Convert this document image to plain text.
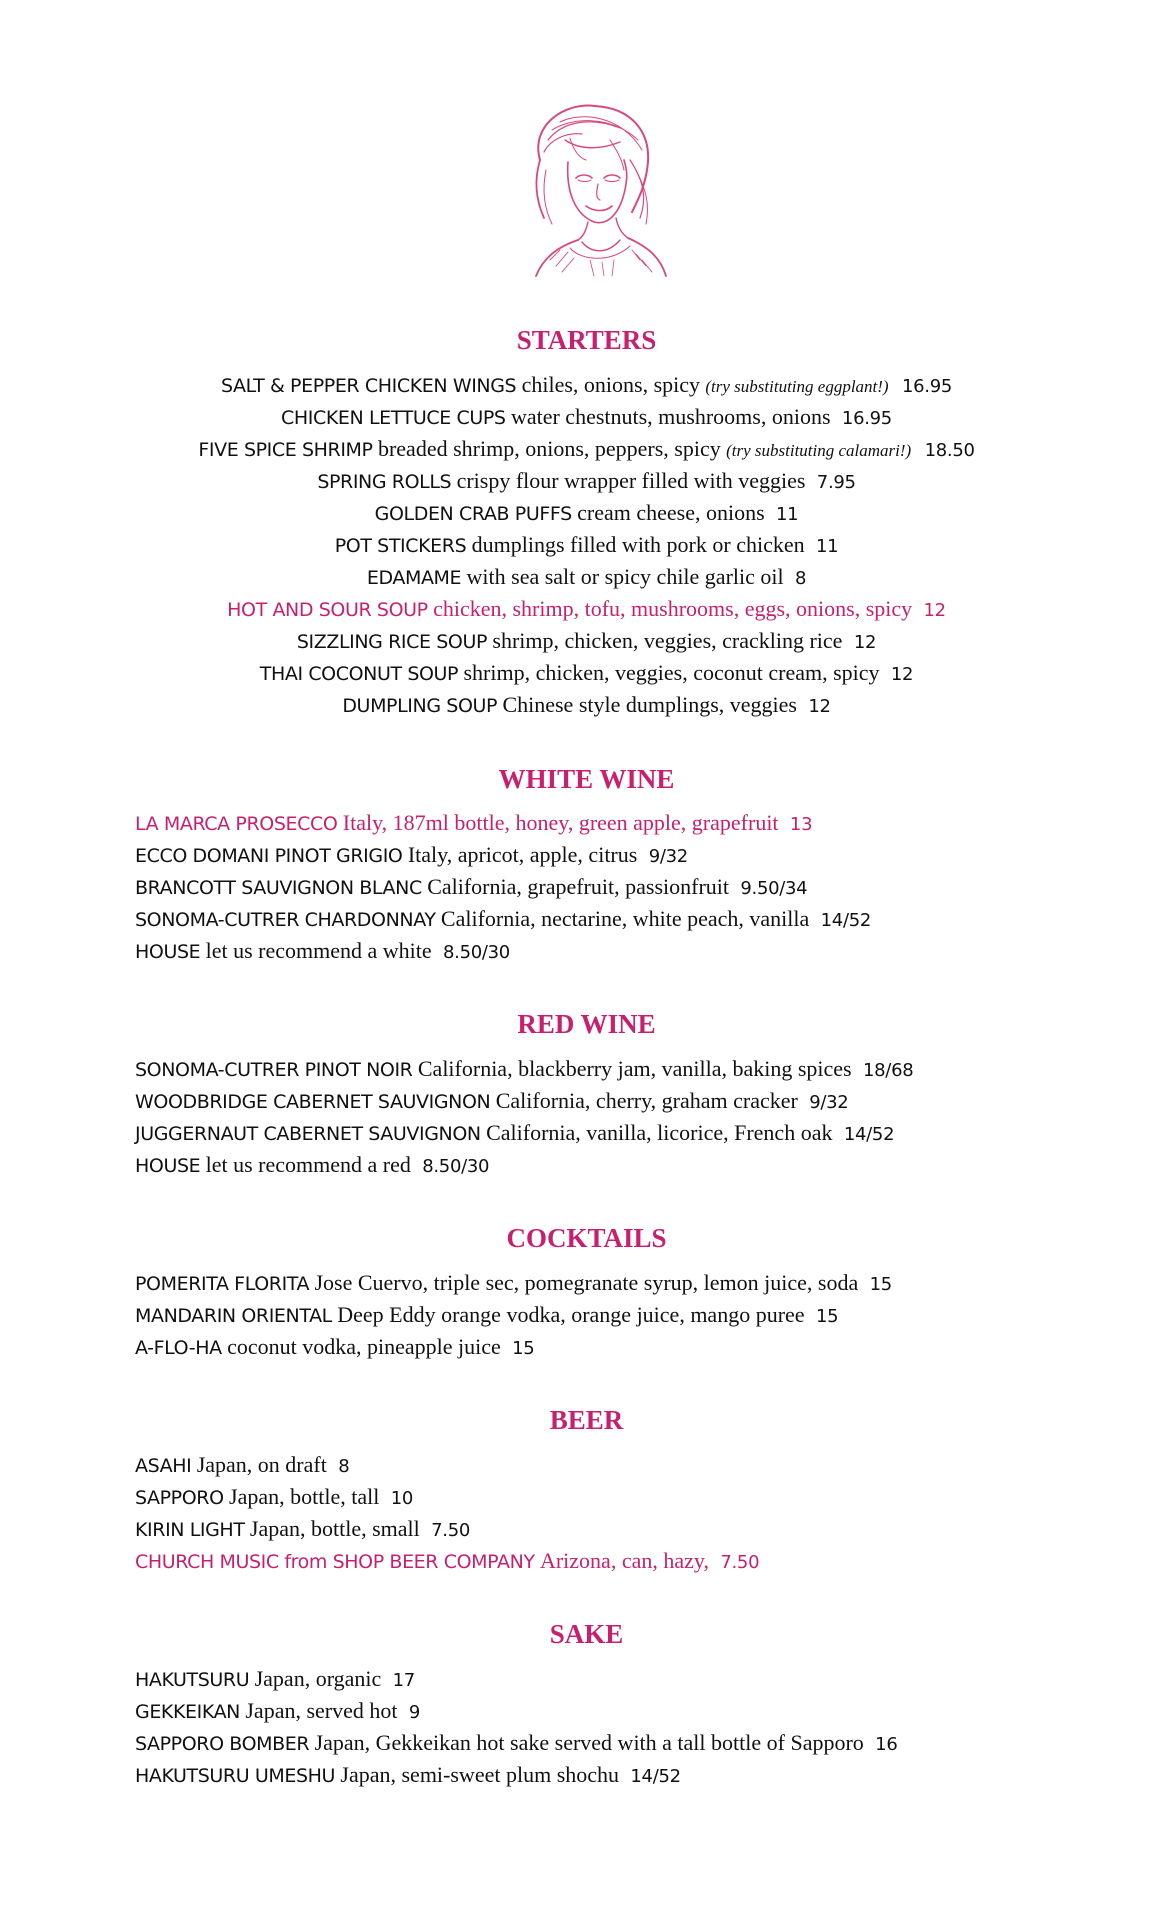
STARTERS
SALT & PEPPER CHICKEN WINGS chiles, onions, spicy (try substituting eggplant!) 16.95
CHICKEN LETTUCE CUPS water chestnuts, mushrooms, onions 16.95
FIVE SPICE SHRIMP breaded shrimp, onions, peppers, spicy (try substituting calamari!) 18.50
SPRING ROLLS crispy flour wrapper filled with veggies 7.95
GOLDEN CRAB PUFFS cream cheese, onions 11
POT STICKERS dumplings filled with pork or chicken 11
EDAMAME with sea salt or spicy chile garlic oil 8
HOT AND SOUR SOUP chicken, shrimp, tofu, mushrooms, eggs, onions, spicy 12
SIZZLING RICE SOUP shrimp, chicken, veggies, crackling rice 12
THAI COCONUT SOUP shrimp, chicken, veggies, coconut cream, spicy 12
DUMPLING SOUP Chinese style dumplings, veggies 12
WHITE WINE
LA MARCA PROSECCO Italy, 187ml bottle, honey, green apple, grapefruit 13
ECCO DOMANI PINOT GRIGIO Italy, apricot, apple, citrus 9/32
BRANCOTT SAUVIGNON BLANC California, grapefruit, passionfruit 9.50/34
SONOMA-CUTRER CHARDONNAY California, nectarine, white peach, vanilla 14/52
HOUSE let us recommend a white 8.50/30
RED WINE
SONOMA-CUTRER PINOT NOIR California, blackberry jam, vanilla, baking spices 18/68
WOODBRIDGE CABERNET SAUVIGNON California, cherry, graham cracker 9/32
JUGGERNAUT CABERNET SAUVIGNON California, vanilla, licorice, French oak 14/52
HOUSE let us recommend a red 8.50/30
COCKTAILS
POMERITA FLORITA Jose Cuervo, triple sec, pomegranate syrup, lemon juice, soda 15
MANDARIN ORIENTAL Deep Eddy orange vodka, orange juice, mango puree 15
A-FLO-HA coconut vodka, pineapple juice 15
BEER
ASAHI Japan, on draft 8
SAPPORO Japan, bottle, tall 10
KIRIN LIGHT Japan, bottle, small 7.50
CHURCH MUSIC from SHOP BEER COMPANY Arizona, can, hazy, 7.50
SAKE
HAKUTSURU Japan, organic 17
GEKKEIKAN Japan, served hot 9
SAPPORO BOMBER Japan, Gekkeikan hot sake served with a tall bottle of Sapporo 16
HAKUTSURU UMESHU Japan, semi-sweet plum shochu 14/52
